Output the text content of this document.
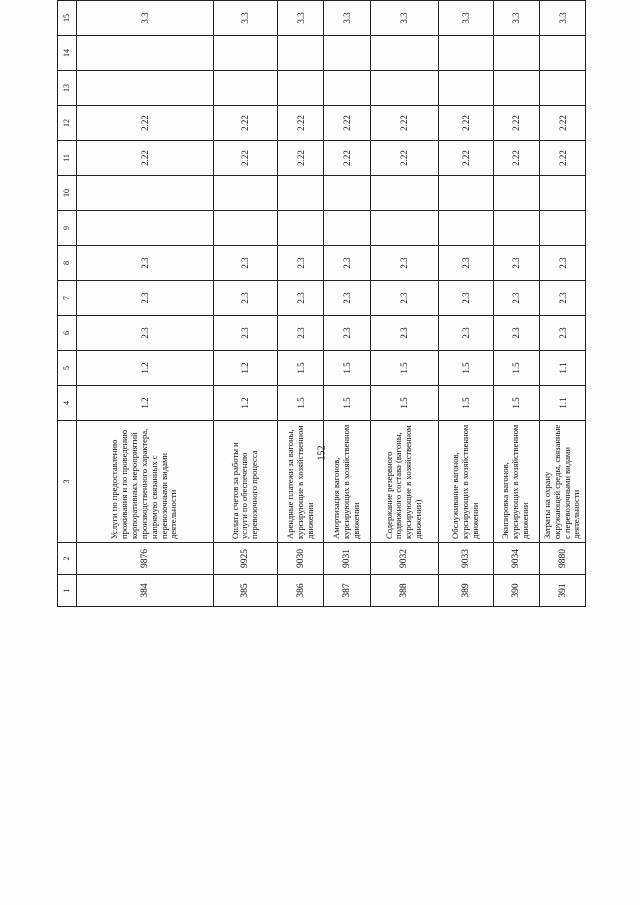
152
1	2	3	4	5	6	7	8	9	10	11	12	13	14	15						
384	9876	Услуги по предоставлению проживания и по проведению корпоративных мероприятий производственного характера, напрямую связанных с перевозочными видами деятельности	1.2	1.2	2.3	2.3	2.3			2.22	2.22			3.3						
385	9925	Оплата счетов за работы и услуги по обеспечению перевозочного процесса	1.2	1.2	2.3	2.3	2.3			2.22	2.22			3.3						
386	9030	Арендные платежи за вагоны, курсирующие в хозяйственном движении	1.5	1.5	2.3	2.3	2.3			2.22	2.22			3.3						
387	9031	Амортизация вагонов, курсирующих в хозяйственном движении	1.5	1.5	2.3	2.3	2.3			2.22	2.22			3.3						
388	9032	Содержание резервного подвижного состава (вагоны, курсирующие в хозяйственном движении)	1.5	1.5	2.3	2.3	2.3			2.22	2.22			3.3						
389	9033	Обслуживание вагонов, курсирующих в хозяйственном движении	1.5	1.5	2.3	2.3	2.3			2.22	2.22			3.3						
390	9034	Экипировка вагонов, курсирующих в хозяйственном движении	1.5	1.5	2.3	2.3	2.3			2.22	2.22			3.3						
391	9880	Затраты на охрану окружающей среды, связанные с перевозочными видами деятельности	1.1	1.1	2.3	2.3	2.3			2.22	2.22			3.3						
